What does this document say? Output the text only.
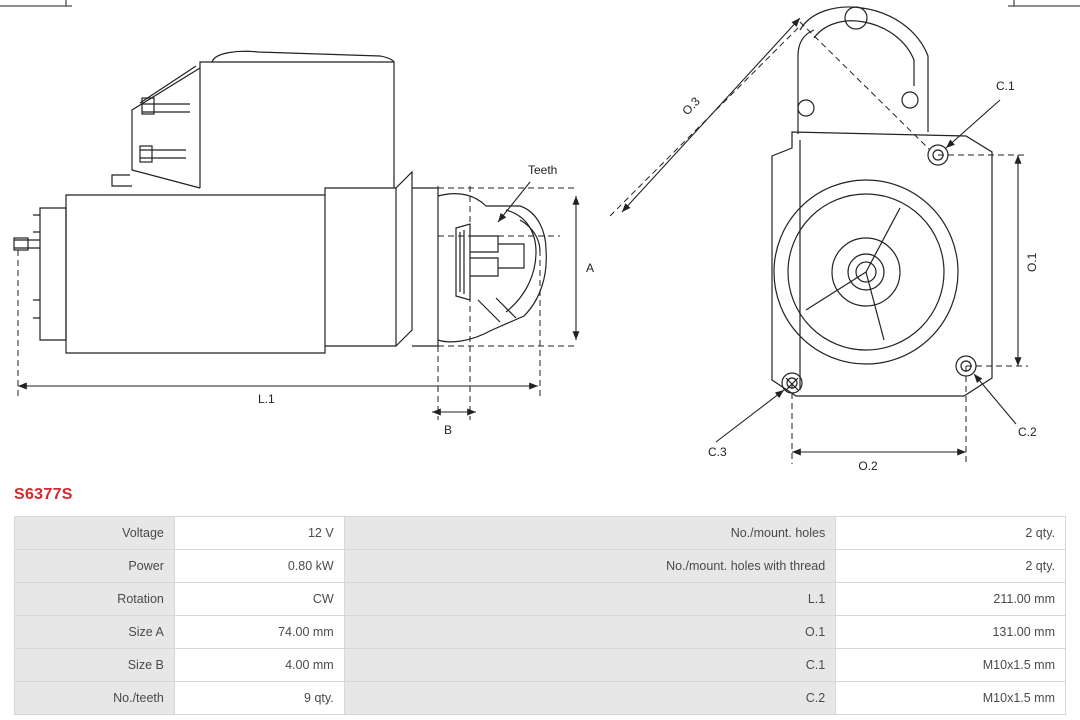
A
L.1
B
Teeth
O.1
O.2
O.3
C.1
C.2
C.3
S6377S
Voltage	12 V	No./mount. holes	2 qty.
Power	0.80 kW	No./mount. holes with thread	2 qty.
Rotation	CW	L.1	211.00 mm
Size A	74.00 mm	O.1	131.00 mm
Size B	4.00 mm	C.1	M10x1.5 mm
No./teeth	9 qty.	C.2	M10x1.5 mm
